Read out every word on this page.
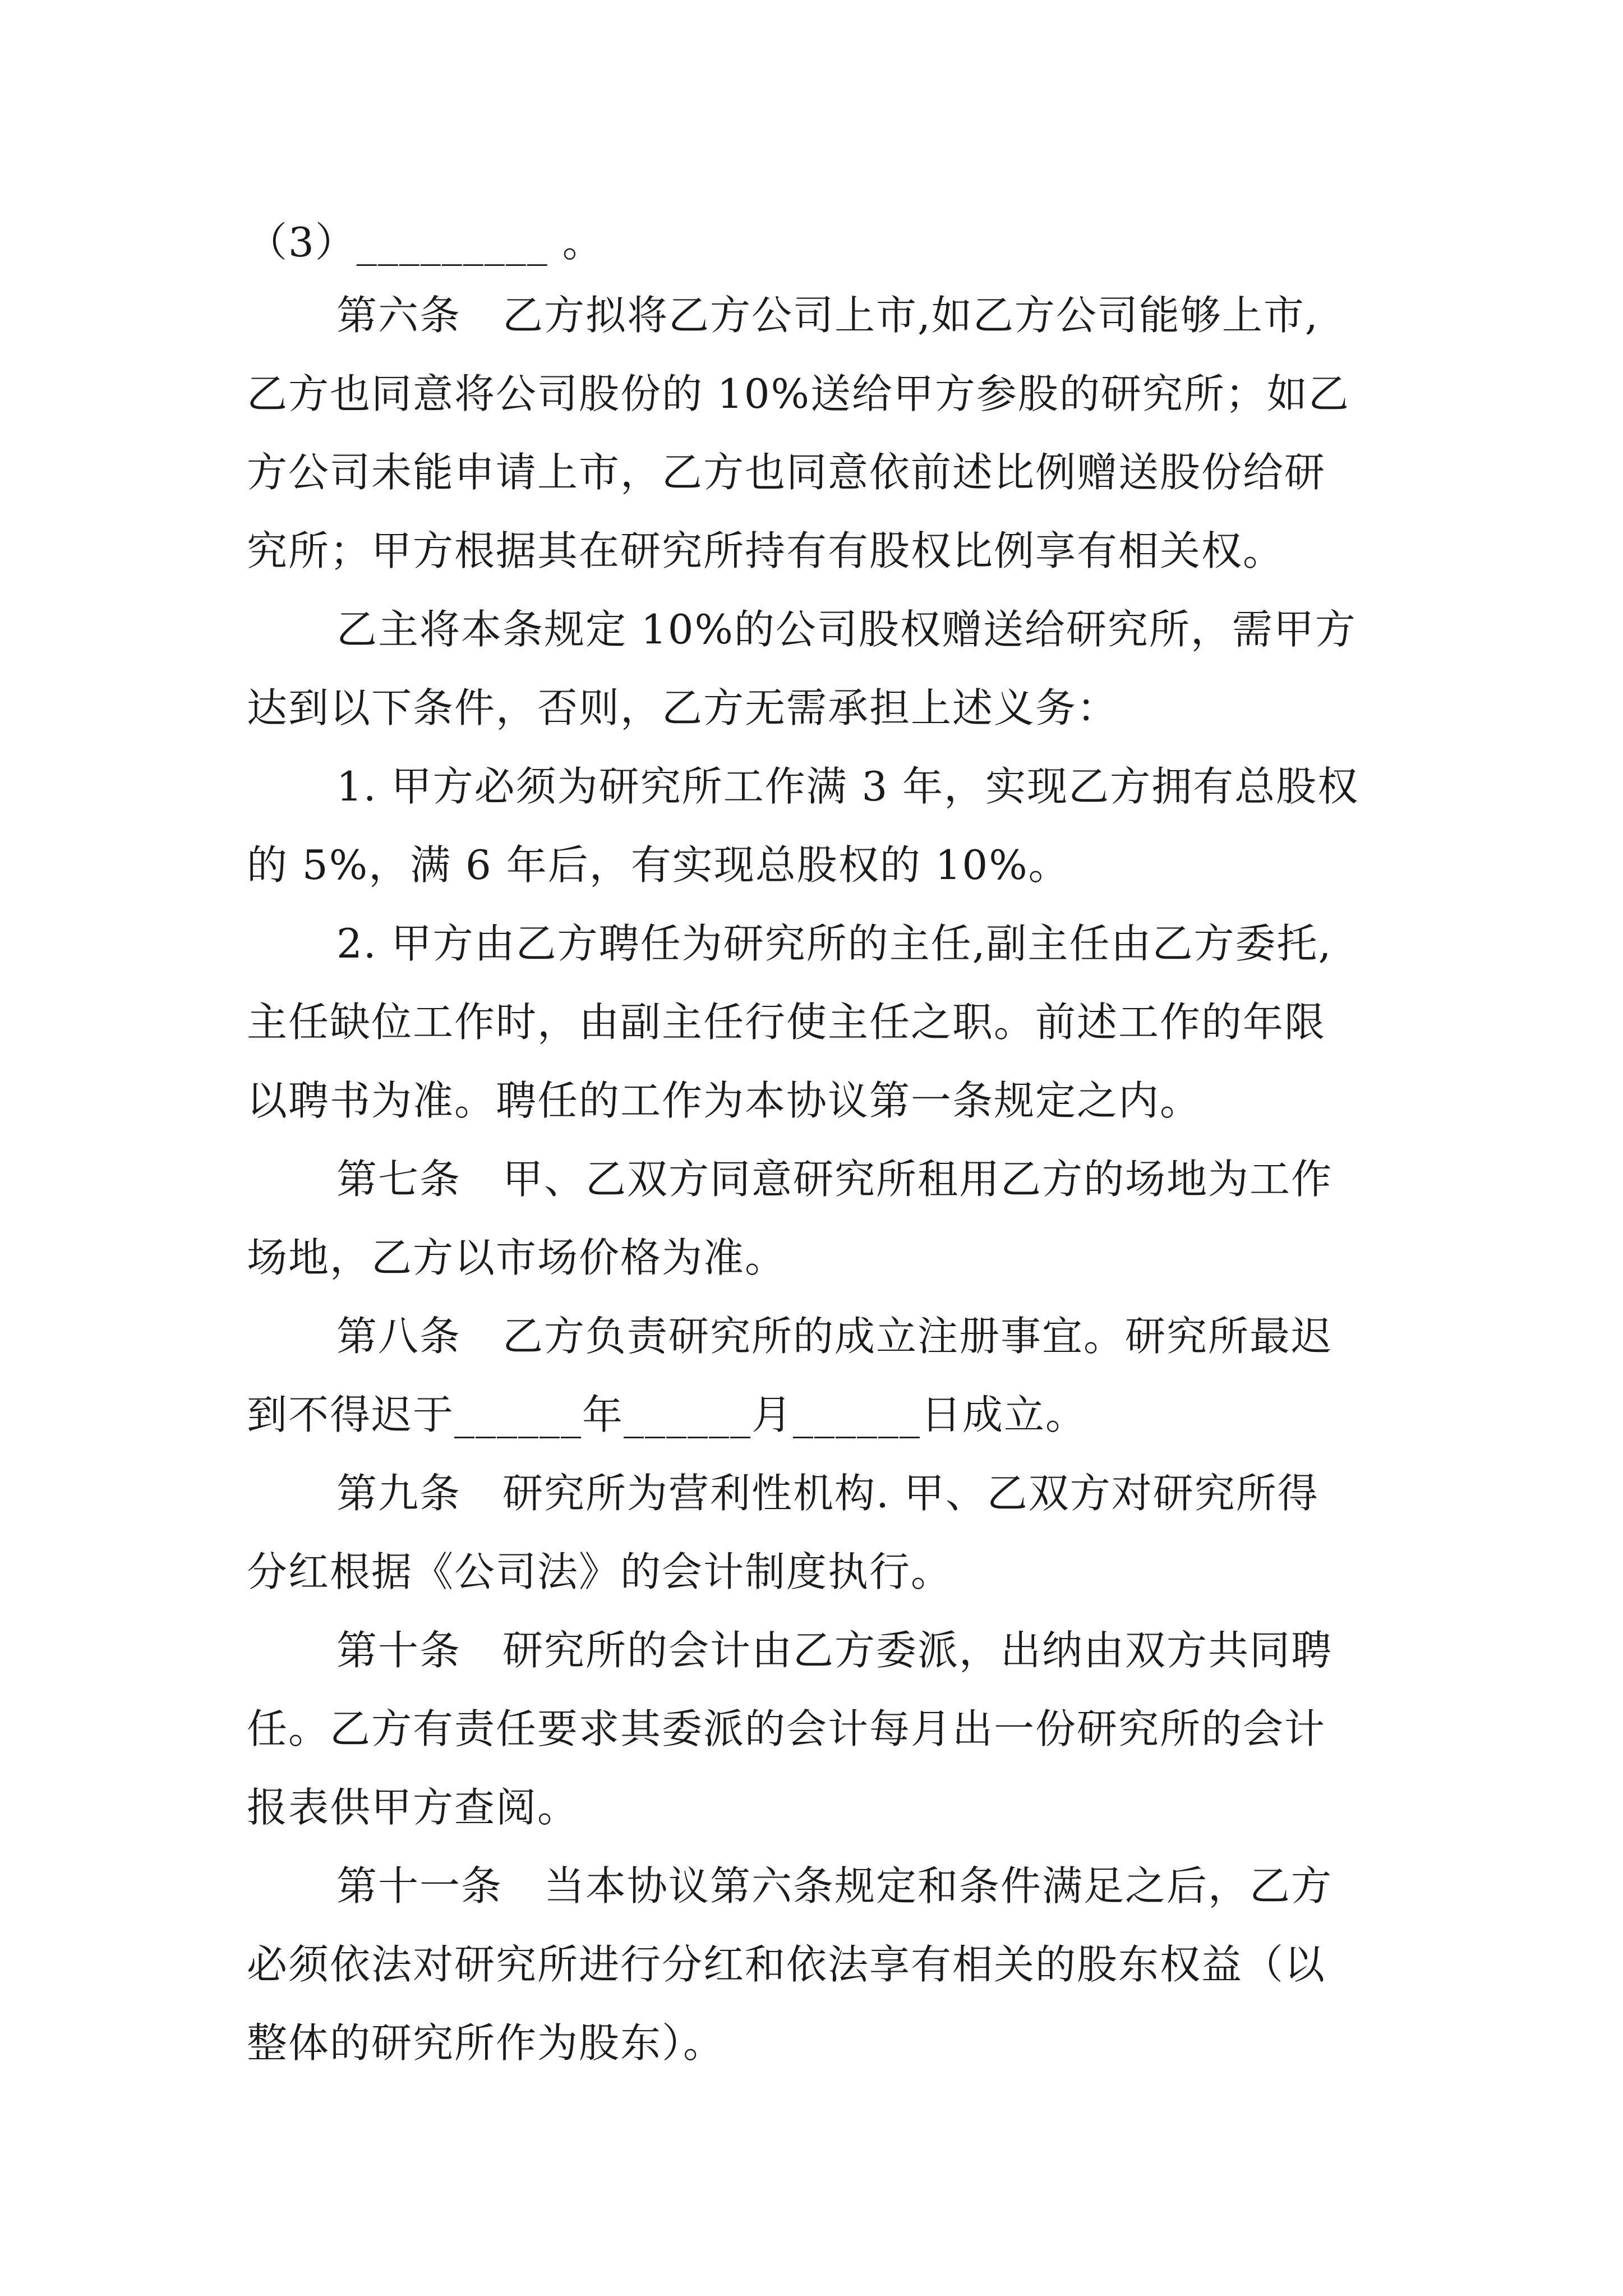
（3）_________ 。
第六条　乙方拟将乙方公司上市,如乙方公司能够上市,
乙方也同意将公司股份的 10%送给甲方参股的研究所；如乙
方公司未能申请上市，乙方也同意依前述比例赠送股份给研
究所；甲方根据其在研究所持有有股权比例享有相关权。
乙主将本条规定 10%的公司股权赠送给研究所，需甲方
达到以下条件，否则，乙方无需承担上述义务：
1. 甲方必须为研究所工作满 3 年，实现乙方拥有总股权
的 5%，满 6 年后，有实现总股权的 10%。
2. 甲方由乙方聘任为研究所的主任,副主任由乙方委托,
主任缺位工作时，由副主任行使主任之职。前述工作的年限
以聘书为准。聘任的工作为本协议第一条规定之内。
第七条　甲、乙双方同意研究所租用乙方的场地为工作
场地，乙方以市场价格为准。
第八条　乙方负责研究所的成立注册事宜。研究所最迟
到不得迟于______年______月______日成立。
第九条　研究所为营利性机构. 甲、乙双方对研究所得
分红根据《公司法》的会计制度执行。
第十条　研究所的会计由乙方委派，出纳由双方共同聘
任。乙方有责任要求其委派的会计每月出一份研究所的会计
报表供甲方查阅。
第十一条　当本协议第六条规定和条件满足之后，乙方
必须依法对研究所进行分红和依法享有相关的股东权益（以
整体的研究所作为股东）。
